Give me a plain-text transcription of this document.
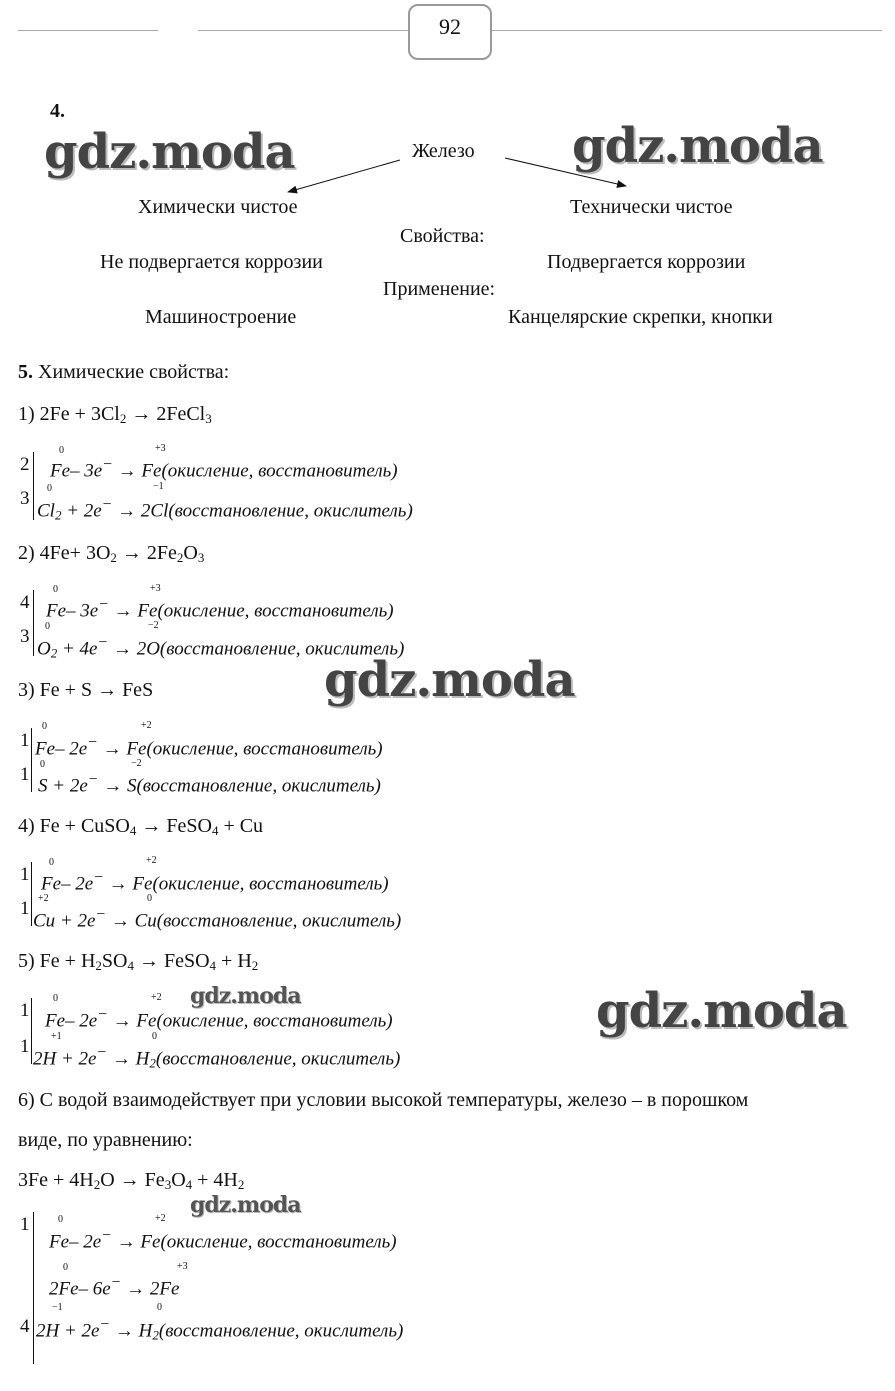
92
4.
gdz.moda	gdz.moda
Железо
Химически чистое	Технически чистое
Свойства:
Не подвергается коррозии	Подвергается коррозии
Применение:
Машиностроение	Канцелярские скрепки, кнопки
5. Химические свойства:
1) $2Fe + 3Cl_2$ → 2FeCl$_3$
2
3
Fe– 3e− → Fe(окисление, восстановитель)
0	+3
$Cl_2 + 2e^-$ → 2Cl(восстановление, окислитель)
0	−1
2) $4Fe+ 3O_2 \to 2Fe_2O_3$
4
3
Fe– 3e− → Fe(окисление, восстановитель)
0	+3
$O_2 + 4e^-$ → 2O(восстановление, окислитель)
0	−2
gdz.moda
3) Fe + S → FeS
1
1
Fe– 2e− → Fe(окисление, восстановитель)
0	+2
S + 2e− → S(восстановление, окислитель)
0	−2
4) Fe + CuSO$_4$ → FeSO$_4$ + Cu
1
1
Fe– 2e− → Fe(окисление, восстановитель)
0	+2
Cu + 2e− → Cu(восстановление, окислитель)
+2	0
5) $Fe + H_2SO_4$ → FeSO$_4$ + $H_2$
gdz.moda	gdz.moda
1
1
Fe– 2e− → Fe(окисление, восстановитель)
0	+2
$2H + 2e^- \to H_2(восстановление$, окислитель)
+1	0
6) С водой взаимодействует при условии высокой температуры, железо – в порошком
виде, по уравнению:
$3Fe + 4H_2O \to Fe_3O_4 + 4H_2$
gdz.moda
1
4
Fe– 2e− → Fe(окисление, восстановитель)
0	+2
2Fe– 6e− → 2Fe
0	+3
$2H + 2e^- \to H_2(восстановление$, окислитель)
−1	0
